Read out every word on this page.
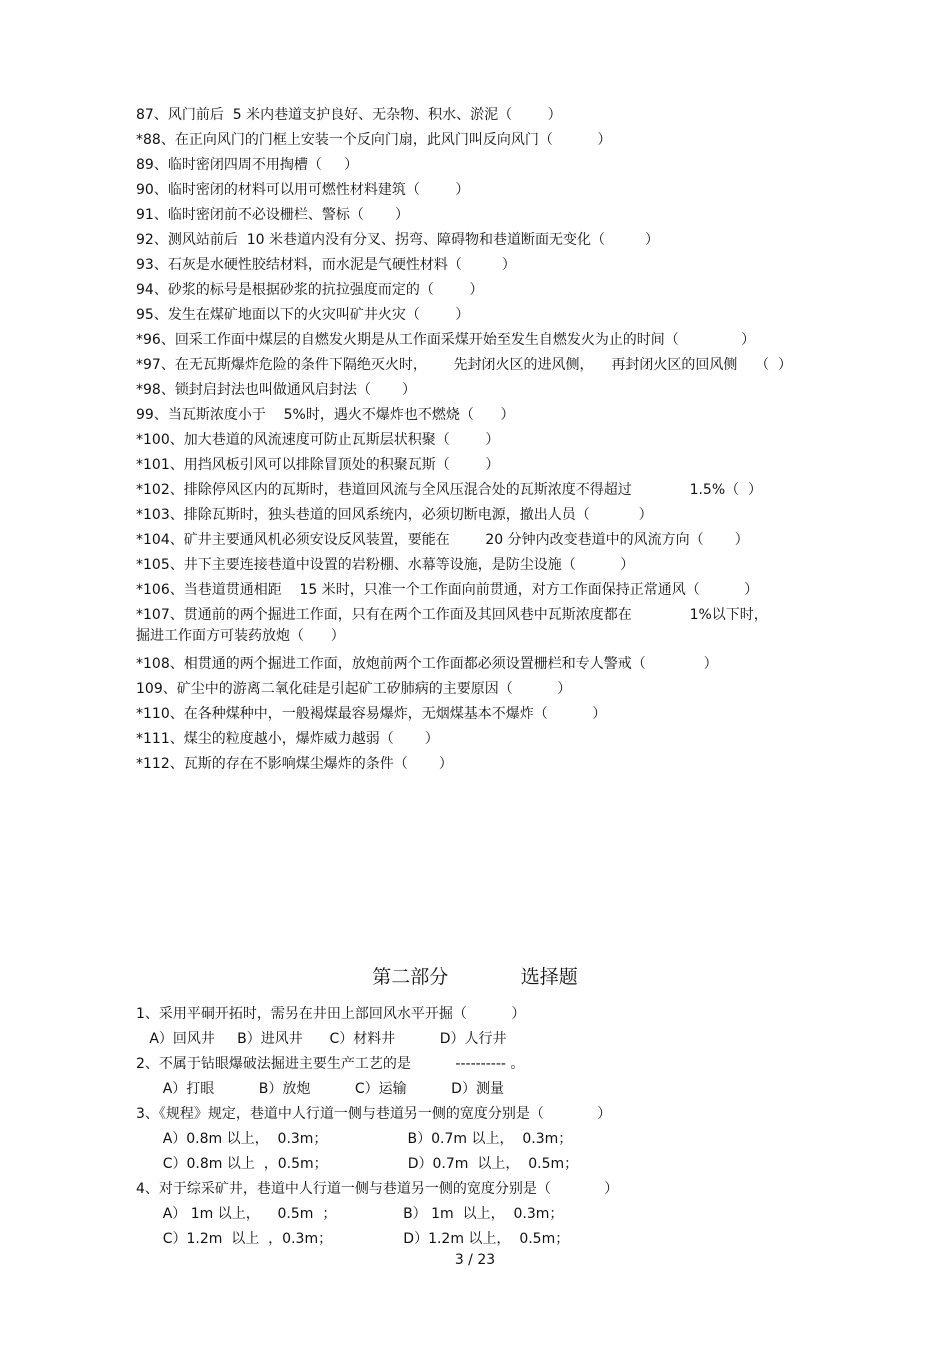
87、风门前后  5 米内巷道支护良好、无杂物、积水、淤泥（        ）
*88、在正向风门的门框上安装一个反向门扇，此风门叫反向风门（          ）
89、临时密闭四周不用掏槽（     ）
90、临时密闭的材料可以用可燃性材料建筑（        ）
91、临时密闭前不必设栅栏、警标（       ）
92、测风站前后  10 米巷道内没有分叉、拐弯、障碍物和巷道断面无变化（         ）
93、石灰是水硬性胶结材料，而水泥是气硬性材料（         ）
94、砂浆的标号是根据砂浆的抗拉强度而定的（        ）
95、发生在煤矿地面以下的火灾叫矿井火灾（        ）
*96、回采工作面中煤层的自燃发火期是从工作面采煤开始至发生自燃发火为止的时间（              ）
*97、在无瓦斯爆炸危险的条件下隔绝灭火时，      先封闭火区的进风侧，    再封闭火区的回风侧    （  ）
*98、锁封启封法也叫做通风启封法（       ）
99、当瓦斯浓度小于    5%时，遇火不爆炸也不燃烧（      ）
*100、加大巷道的风流速度可防止瓦斯层状积聚（        ）
*101、用挡风板引风可以排除冒顶处的积聚瓦斯（        ）
*102、排除停风区内的瓦斯时，巷道回风流与全风压混合处的瓦斯浓度不得超过             1.5%（  ）
*103、排除瓦斯时，独头巷道的回风系统内，必须切断电源，撤出人员（           ）
*104、矿井主要通风机必须安设反风装置，要能在        20 分钟内改变巷道中的风流方向（       ）
*105、井下主要连接巷道中设置的岩粉棚、水幕等设施，是防尘设施（          ）
*106、当巷道贯通相距    15 米时，只准一个工作面向前贯通，对方工作面保持正常通风（          ）
*107、贯通前的两个掘进工作面，只有在两个工作面及其回风巷中瓦斯浓度都在             1%以下时，
掘进工作面方可装药放炮（      ）
*108、相贯通的两个掘进工作面，放炮前两个工作面都必须设置栅栏和专人警戒（             ）
109、矿尘中的游离二氧化硅是引起矿工矽肺病的主要原因（          ）
*110、在各种煤种中，一般褐煤最容易爆炸，无烟煤基本不爆炸（          ）
*111、煤尘的粒度越小，爆炸威力越弱（       ）
*112、瓦斯的存在不影响煤尘爆炸的条件（       ）
第二部分            选择题
1、采用平硐开拓时，需另在井田上部回风水平开掘（          ）
A）回风井     B）进风井      C）材料井          D）人行井
2、不属于钻眼爆破法掘进主要生产工艺的是          ---------- 。
A）打眼          B）放炮          C）运输          D）测量
3、《规程》规定，巷道中人行道一侧与巷道另一侧的宽度分别是（            ）
A）0.8m 以上，  0.3m；                  B）0.7m 以上，  0.3m；
C）0.8m 以上  ，0.5m；                  D）0.7m  以上，  0.5m；
4、对于综采矿井，巷道中人行道一侧与巷道另一侧的宽度分别是（            ）
A） 1m 以上，    0.5m  ；               B） 1m  以上，  0.3m；
C）1.2m  以上  ，0.3m；                D）1.2m 以上，  0.5m；
3 / 23
